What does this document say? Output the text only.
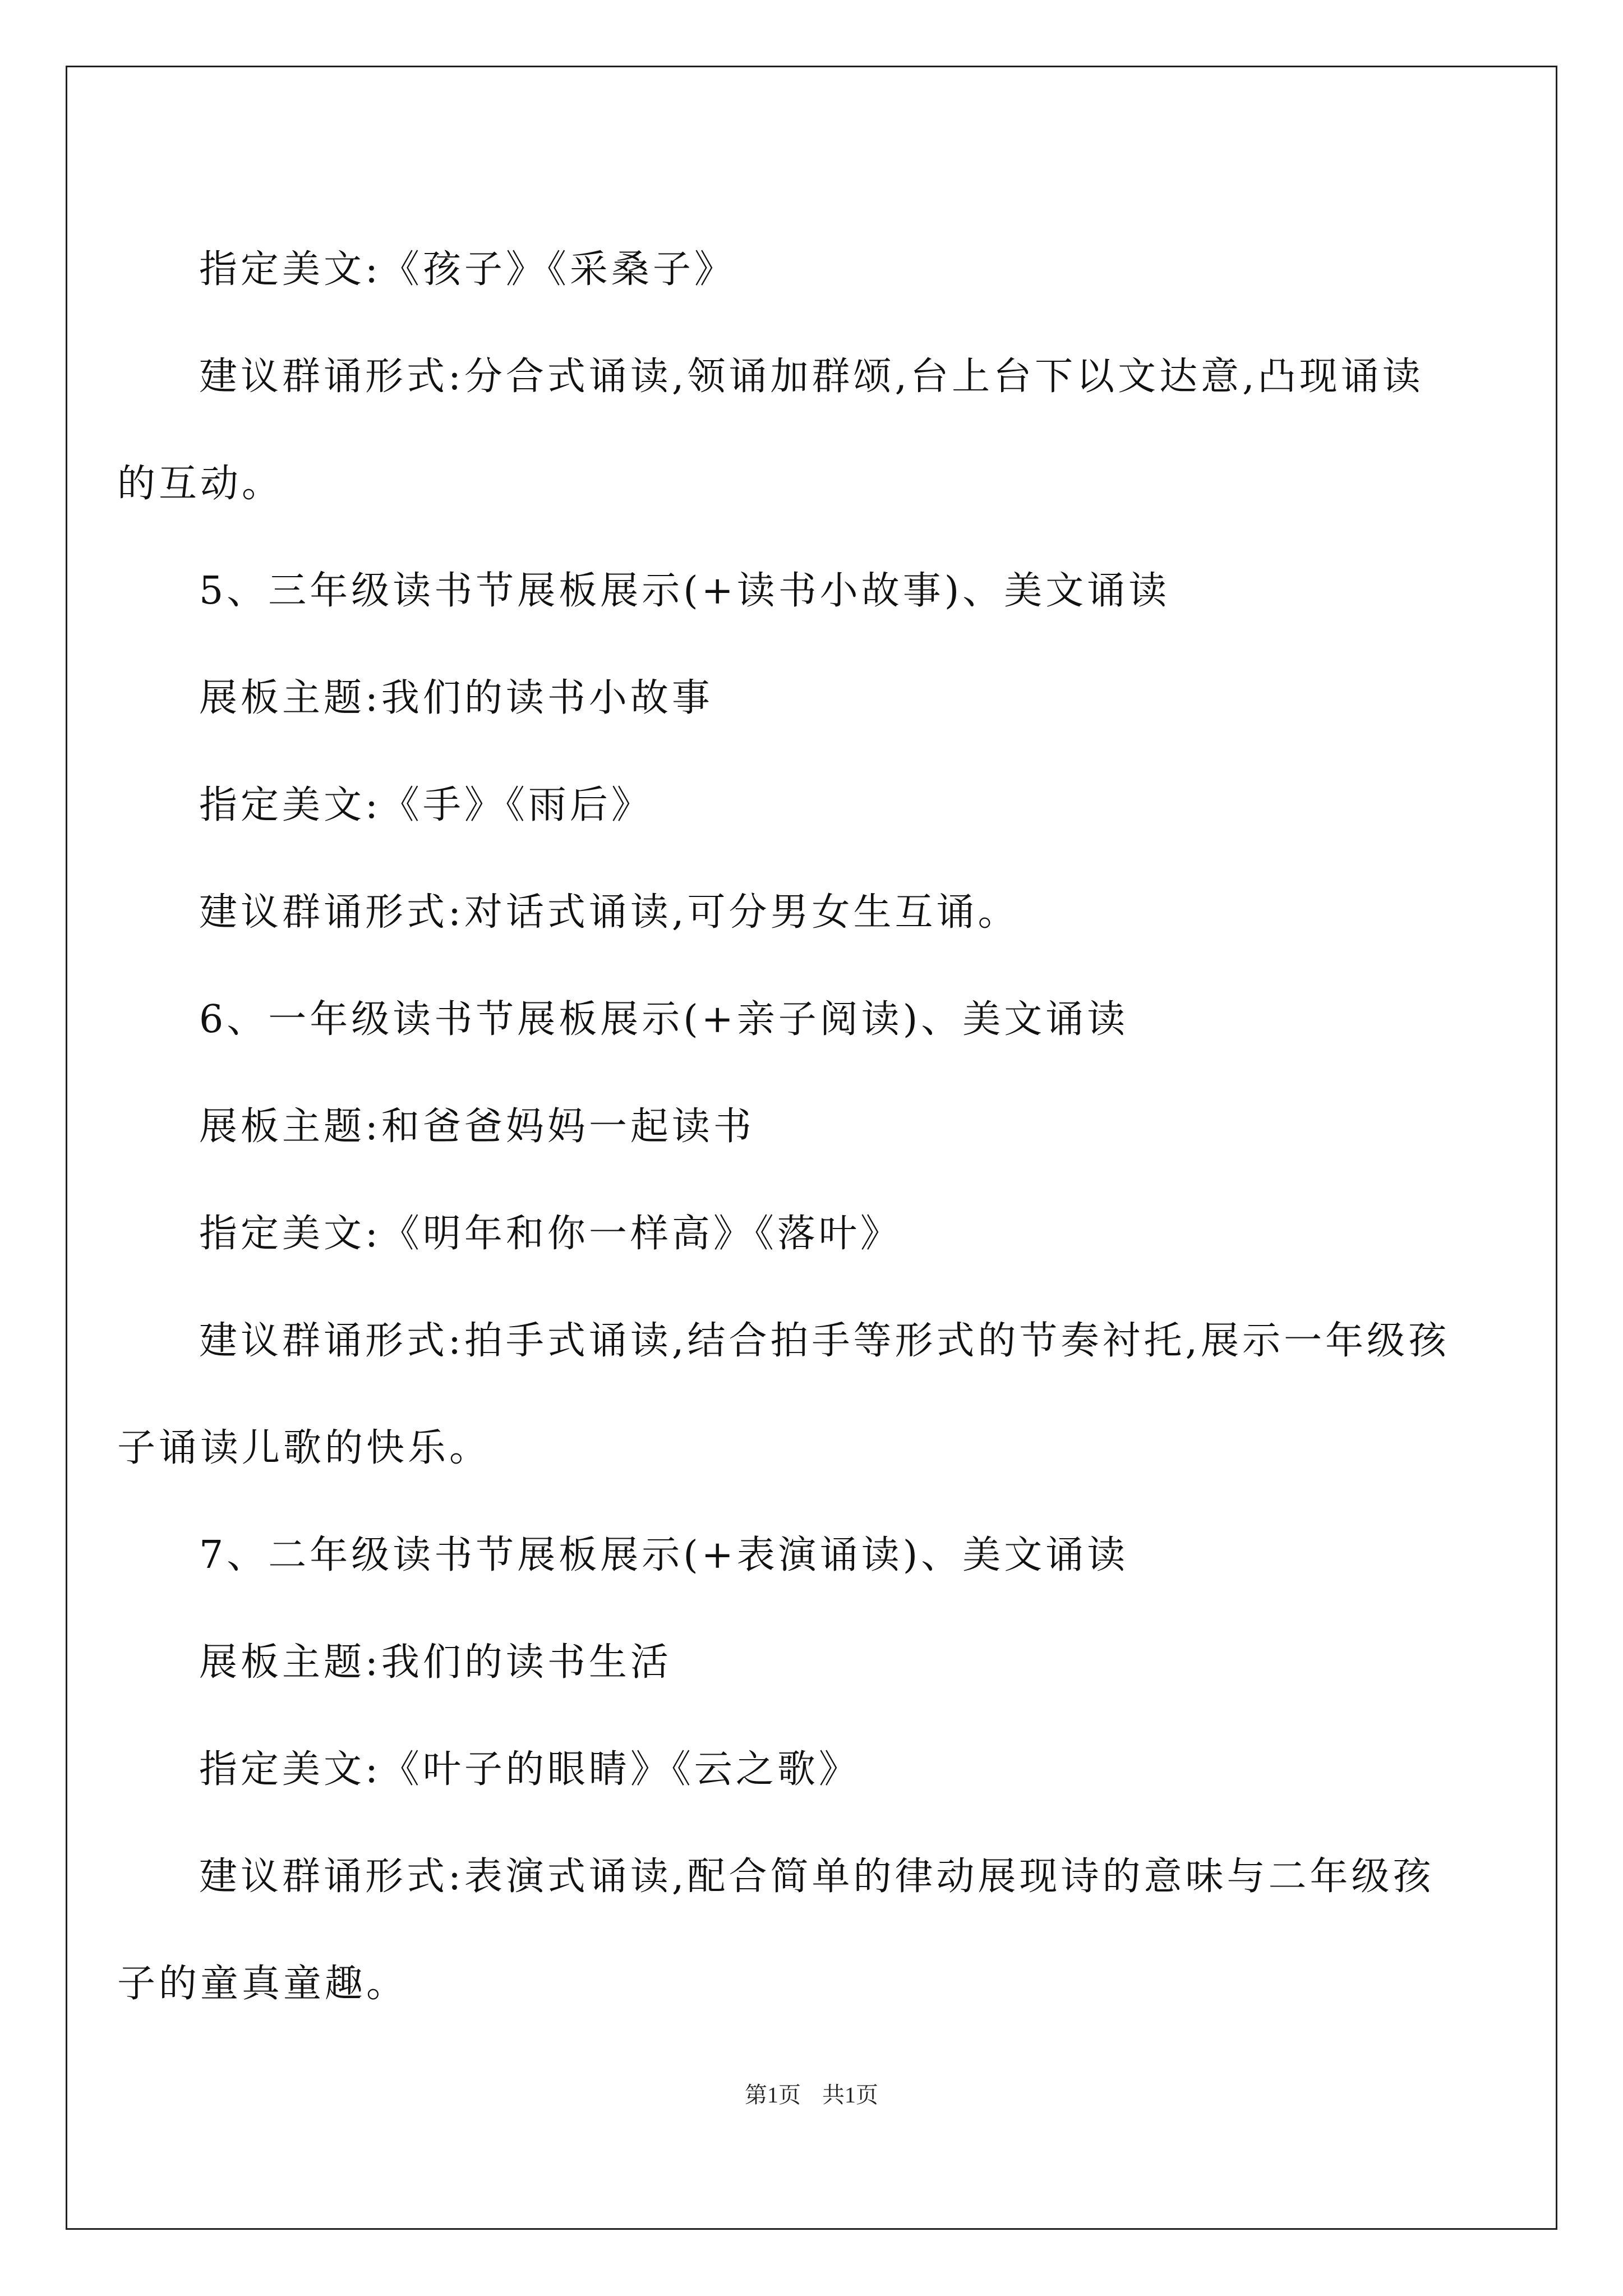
指定美文:《孩子》《采桑子》

建议群诵形式:分合式诵读,领诵加群颂,台上台下以文达意,凸现诵读的互动。

5、三年级读书节展板展示(+读书小故事)、美文诵读

展板主题:我们的读书小故事

指定美文:《手》《雨后》

建议群诵形式:对话式诵读,可分男女生互诵。

6、一年级读书节展板展示(+亲子阅读)、美文诵读

展板主题:和爸爸妈妈一起读书

指定美文:《明年和你一样高》《落叶》

建议群诵形式:拍手式诵读,结合拍手等形式的节奏衬托,展示一年级孩子诵读儿歌的快乐。

7、二年级读书节展板展示(+表演诵读)、美文诵读

展板主题:我们的读书生活

指定美文:《叶子的眼睛》《云之歌》

建议群诵形式:表演式诵读,配合简单的律动展现诗的意味与二年级孩子的童真童趣。

第1页 共1页
